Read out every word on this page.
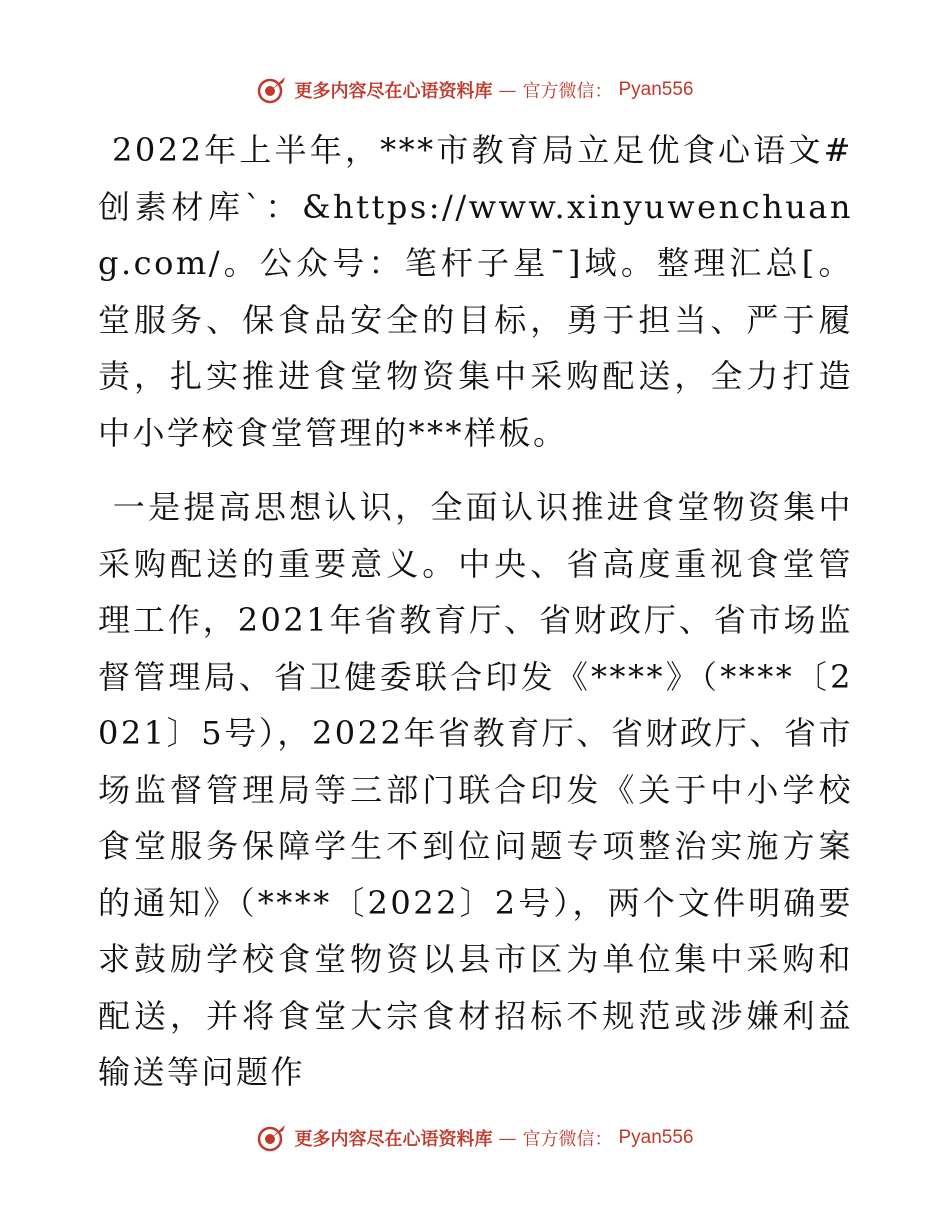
更多内容尽在心语资料库 — 官方微信： Pyan556

2022年上半年，***市教育局立足优食心语文#创素材库`：&https://www.xinyuwenchuang.com/。公众号：笔杆子星¯]域。整理汇总[。堂服务、保食品安全的目标，勇于担当、严于履责，扎实推进食堂物资集中采购配送，全力打造中小学校食堂管理的***样板。

一是提高思想认识，全面认识推进食堂物资集中采购配送的重要意义。中央、省高度重视食堂管理工作，2021年省教育厅、省财政厅、省市场监督管理局、省卫健委联合印发《****》（****〔2021〕5号），2022年省教育厅、省财政厅、省市场监督管理局等三部门联合印发《关于中小学校食堂服务保障学生不到位问题专项整治实施方案的通知》（****〔2022〕2号），两个文件明确要求鼓励学校食堂物资以县市区为单位集中采购和配送，并将食堂大宗食材招标不规范或涉嫌利益输送等问题作

更多内容尽在心语资料库 — 官方微信： Pyan556
